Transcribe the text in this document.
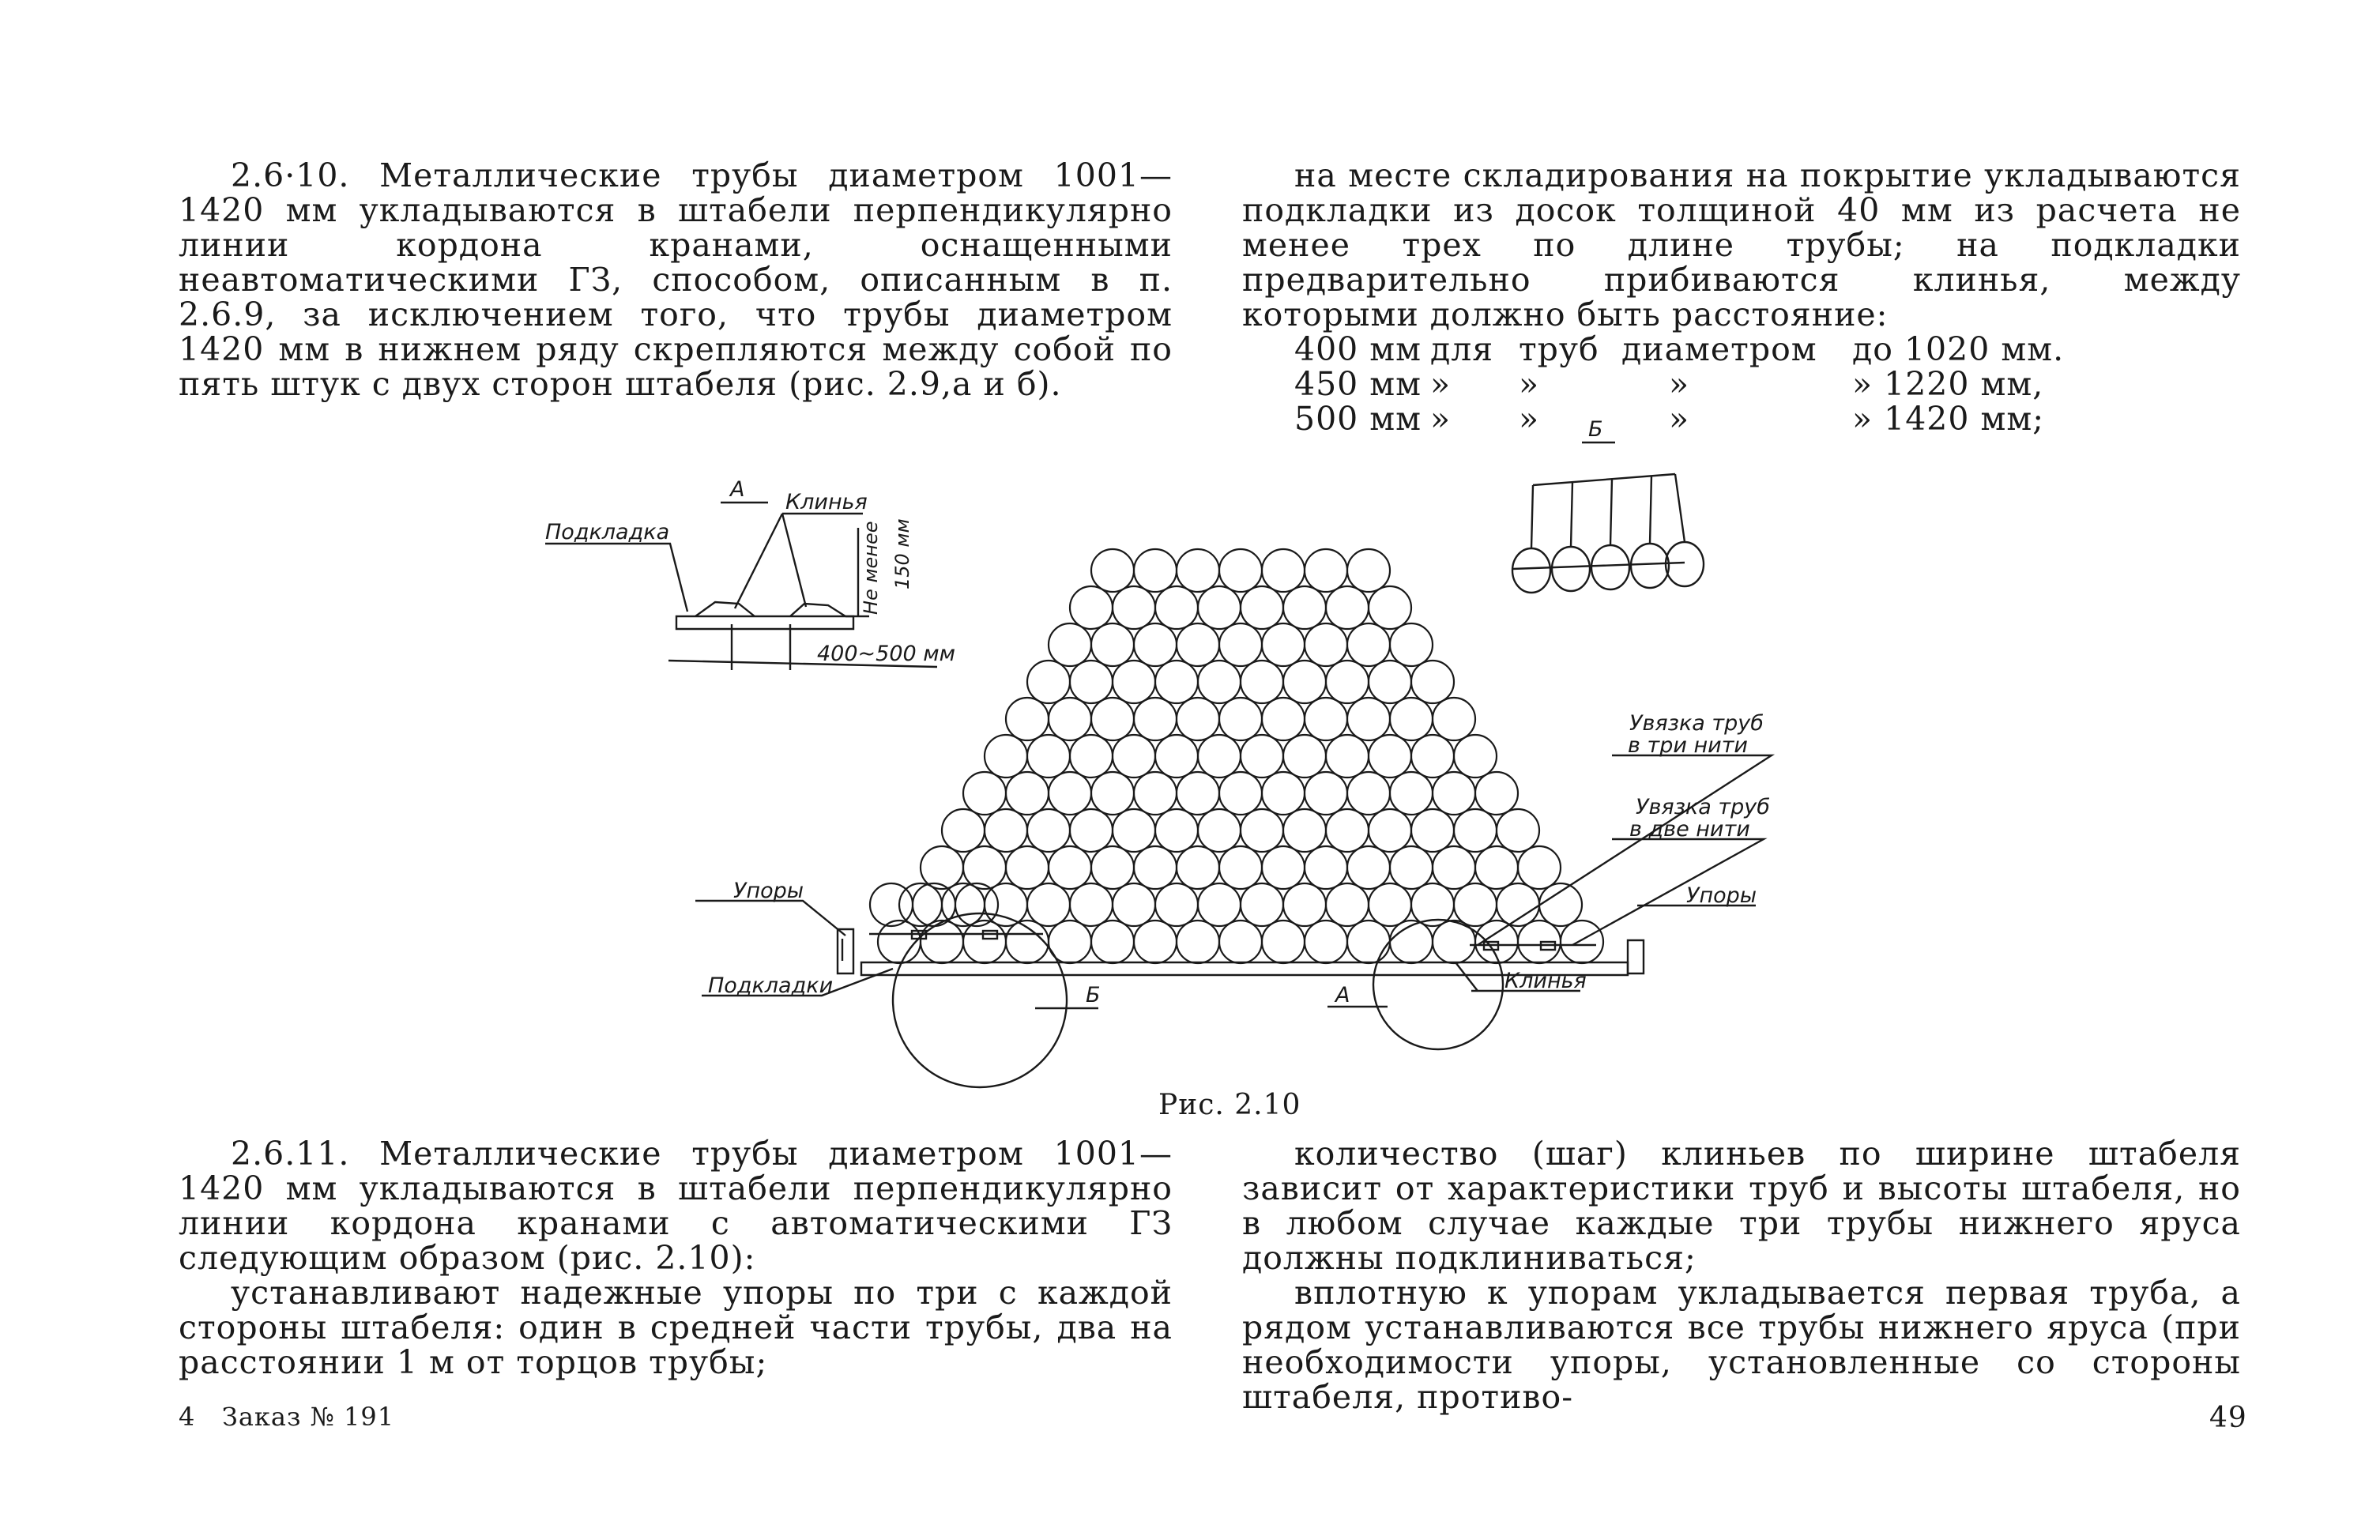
2.6·10. Металлические трубы диаметром 1001—1420 мм укладываются в штабели перпендикулярно линии кордона кранами, оснащенными неавтоматическими ГЗ, способом, описанным в п. 2.6.9, за исключением того, что трубы диаметром 1420 мм в нижнем ряду скрепляются между собой по пять штук с двух сторон штабеля (рис. 2.9,а и б).

на месте складирования на покрытие укладываются подкладки из досок толщиной 40 мм из расчета не менее трех по длине трубы; на подкладки предварительно прибиваются клинья, между которыми должно быть расстояние:

400 мм для труб диаметром	до 1020 мм.
450 мм »	»	»	» 1220 мм,
500 мм »	»	»	» 1420 мм;
А
Б
Подкладка
Клинья
Не менее 150 мм
400~500 мм
Увязка труб
в три нити
Увязка труб
в две нити
Упоры	Упоры
Подкладки	Б	А
Клинья
Рис. 2.10

2.6.11. Металлические трубы диаметром 1001—1420 мм укладываются в штабели перпендикулярно линии кордона кранами с автоматическими ГЗ следующим образом (рис. 2.10):

устанавливают надежные упоры по три с каждой стороны штабеля: один в средней части трубы, два на расстоянии 1 м от торцов трубы;

количество (шаг) клиньев по ширине штабеля зависит от характеристики труб и высоты штабеля, но в любом случае каждые три трубы нижнего яруса должны подклиниваться;

вплотную к упорам укладывается первая труба, а рядом устанавливаются все трубы нижнего яруса (при необходимости упоры, установленные со стороны штабеля, противо-

4   Заказ № 191	49
